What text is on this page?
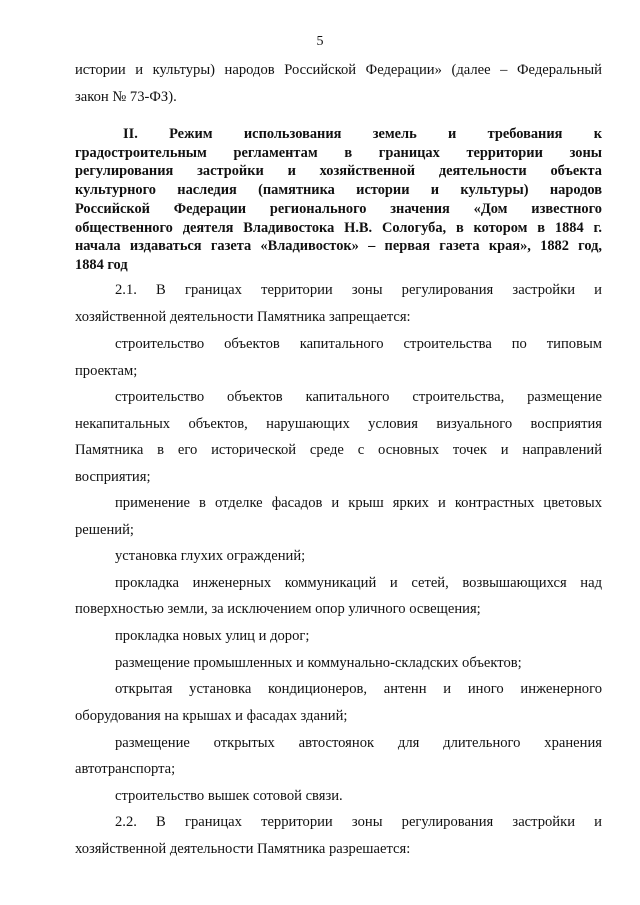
5
истории и культуры) народов Российской Федерации» (далее – Федеральный
закон № 73-ФЗ).
II. Режим использования земель и требования к
градостроительным регламентам в границах территории зоны
регулирования застройки и хозяйственной деятельности объекта
культурного наследия (памятника истории и культуры) народов
Российской Федерации регионального значения «Дом известного
общественного деятеля Владивостока Н.В. Сологуба, в котором в 1884 г.
начала издаваться газета «Владивосток» – первая газета края», 1882 год,
1884 год
2.1. В границах территории зоны регулирования застройки и
хозяйственной деятельности Памятника запрещается:
строительство объектов капитального строительства по типовым
проектам;
строительство объектов капитального строительства, размещение
некапитальных объектов, нарушающих условия визуального восприятия
Памятника в его исторической среде с основных точек и направлений
восприятия;
применение в отделке фасадов и крыш ярких и контрастных цветовых
решений;
установка глухих ограждений;
прокладка инженерных коммуникаций и сетей, возвышающихся над
поверхностью земли, за исключением опор уличного освещения;
прокладка новых улиц и дорог;
размещение промышленных и коммунально-складских объектов;
открытая установка кондиционеров, антенн и иного инженерного
оборудования на крышах и фасадах зданий;
размещение открытых автостоянок для длительного хранения
автотранспорта;
строительство вышек сотовой связи.
2.2. В границах территории зоны регулирования застройки и
хозяйственной деятельности Памятника разрешается:
